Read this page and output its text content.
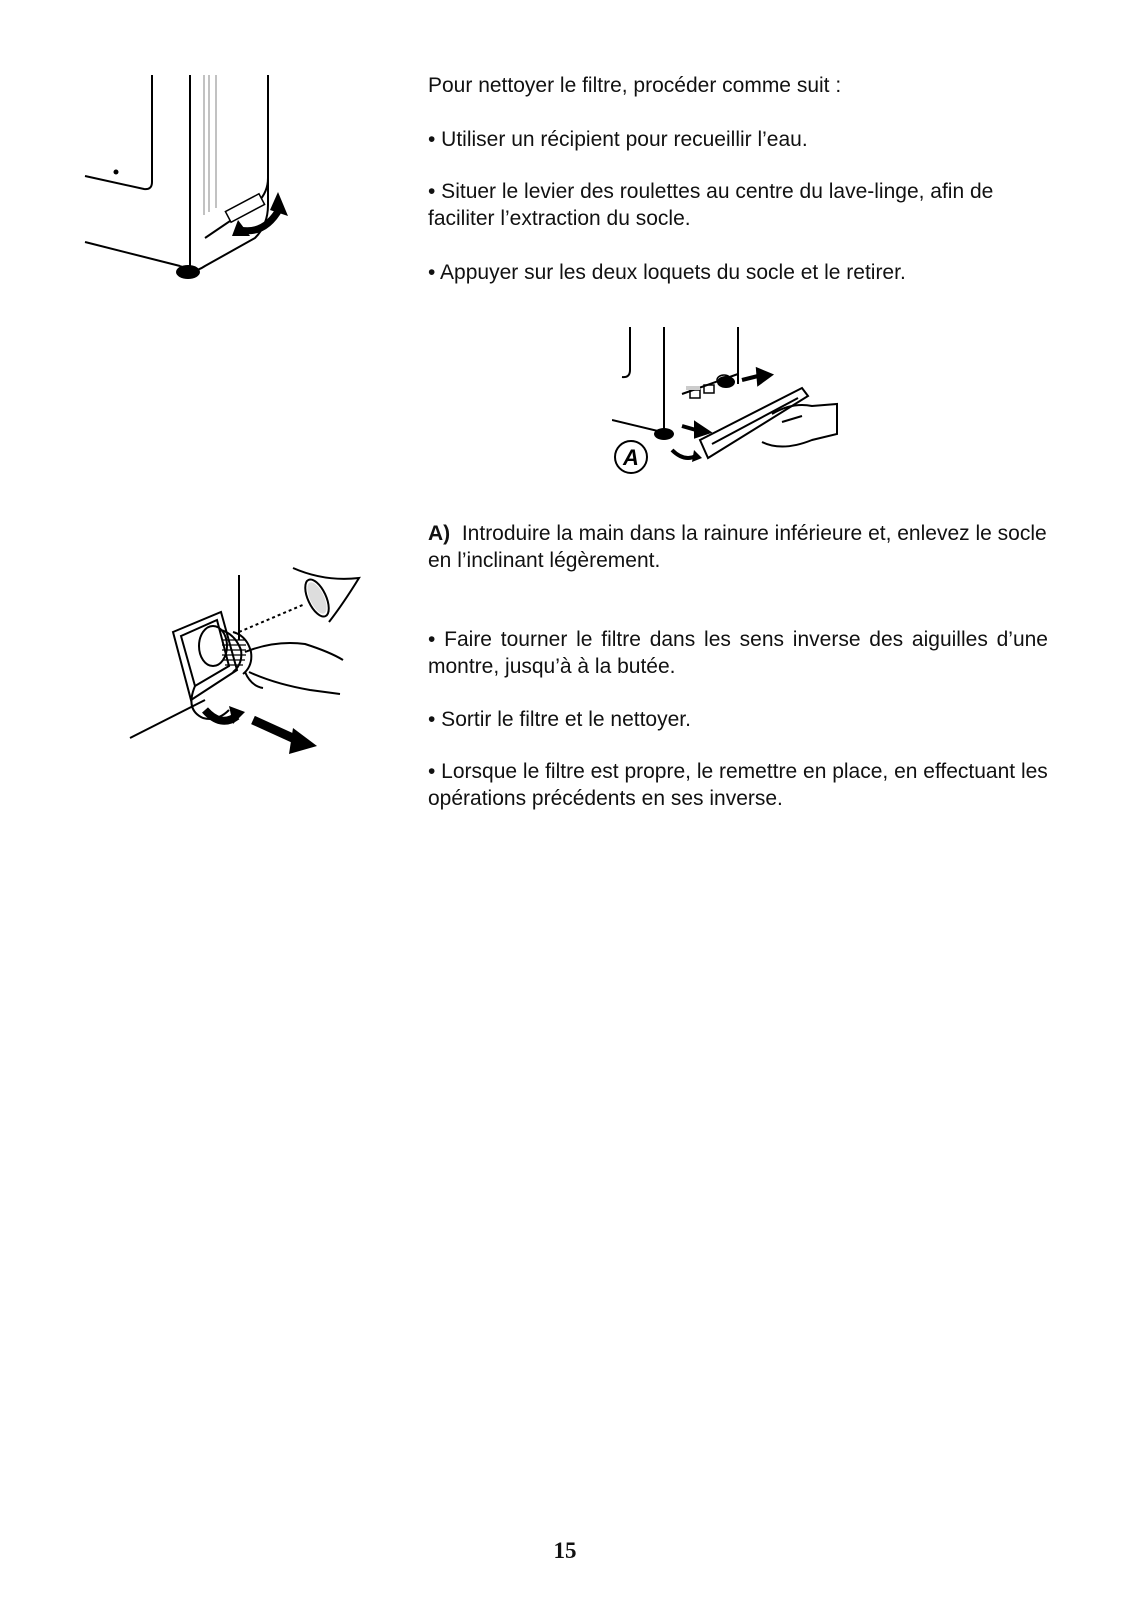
Pour nettoyer le filtre, procéder comme suit :

• Utiliser un récipient pour recueillir l’eau.

• Situer le levier des roulettes au centre du lave-linge, afin de faciliter l’extraction du socle.

• Appuyer sur les deux loquets du socle et le retirer.

A) Introduire la main dans la rainure inférieure et, enlevez le socle en l’inclinant légèrement.

• Faire tourner le filtre dans les sens inverse des aiguilles d’une montre, jusqu’à à la butée.

• Sortir le filtre et le nettoyer.

• Lorsque le filtre est propre, le remettre en place, en effectuant les opérations précédents en ses inverse.

A
15
